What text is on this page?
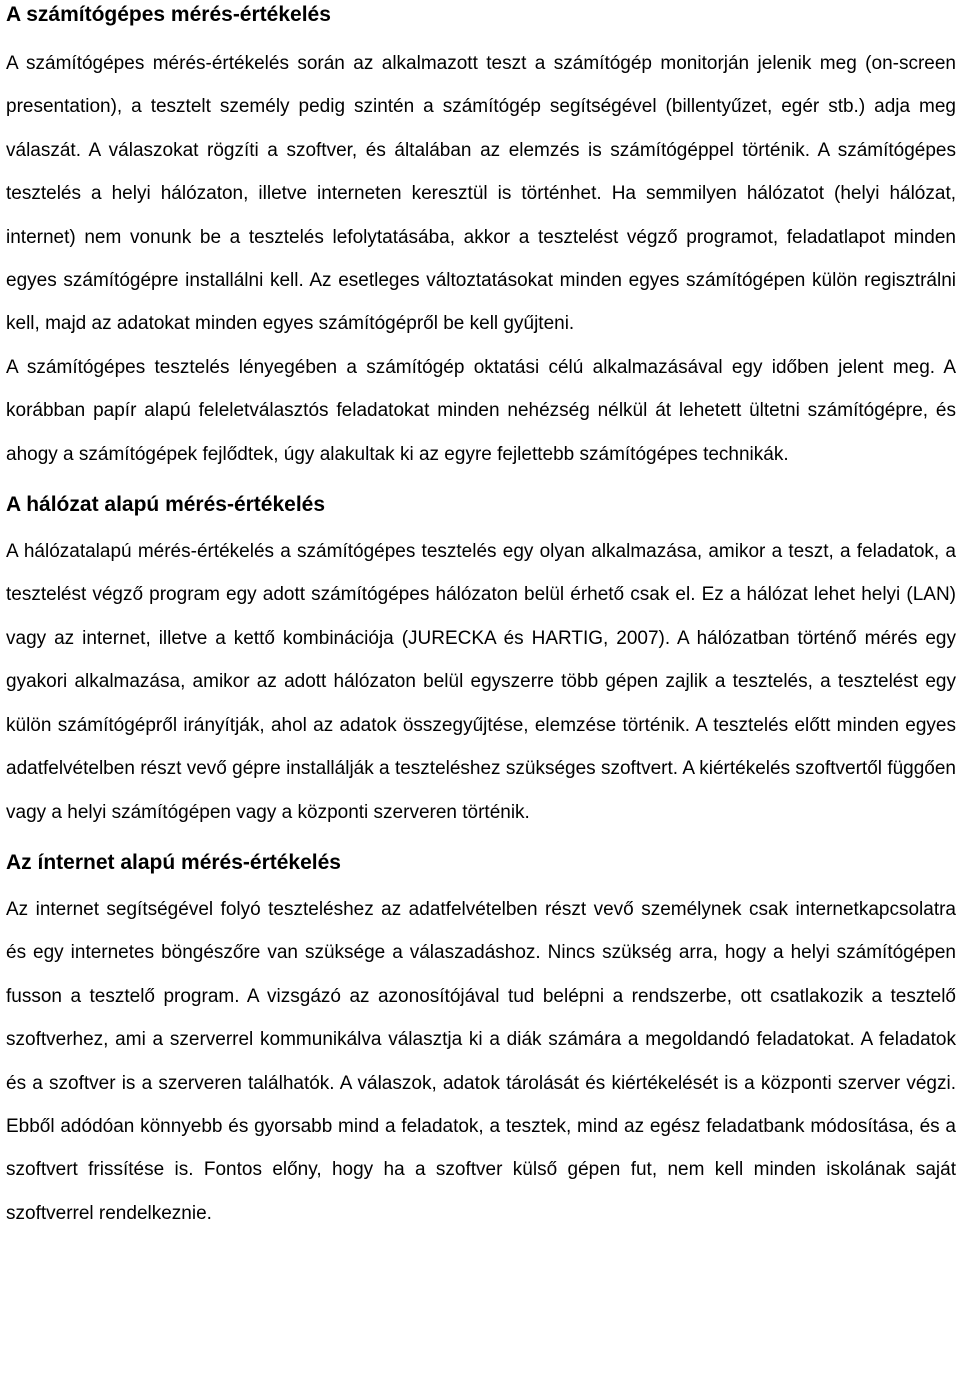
A számítógépes mérés-értékelés

A számítógépes mérés-értékelés során az alkalmazott teszt a számítógép monitorján jelenik meg (on-screen presentation), a tesztelt személy pedig szintén a számítógép segítségével (billentyűzet, egér stb.) adja meg válaszát. A válaszokat rögzíti a szoftver, és általában az elemzés is számítógéppel történik. A számítógépes tesztelés a helyi hálózaton, illetve interneten keresztül is történhet. Ha semmilyen hálózatot (helyi hálózat, internet) nem vonunk be a tesztelés lefolytatásába, akkor a tesztelést végző programot, feladatlapot minden egyes számítógépre installálni kell. Az esetleges változtatásokat minden egyes számítógépen külön regisztrálni kell, majd az adatokat minden egyes számítógépről be kell gyűjteni.

A számítógépes tesztelés lényegében a számítógép oktatási célú alkalmazásával egy időben jelent meg. A korábban papír alapú feleletválasztós feladatokat minden nehézség nélkül át lehetett ültetni számítógépre, és ahogy a számítógépek fejlődtek, úgy alakultak ki az egyre fejlettebb számítógépes technikák.

A hálózat alapú mérés-értékelés

A hálózatalapú mérés-értékelés a számítógépes tesztelés egy olyan alkalmazása, amikor a teszt, a feladatok, a tesztelést végző program egy adott számítógépes hálózaton belül érhető csak el. Ez a hálózat lehet helyi (LAN) vagy az internet, illetve a kettő kombinációja (JURECKA és HARTIG, 2007). A hálózatban történő mérés egy gyakori alkalmazása, amikor az adott hálózaton belül egyszerre több gépen zajlik a tesztelés, a tesztelést egy külön számítógépről irányítják, ahol az adatok összegyűjtése, elemzése történik. A tesztelés előtt minden egyes adatfelvételben részt vevő gépre installálják a teszteléshez szükséges szoftvert. A kiértékelés szoftvertől függően vagy a helyi számítógépen vagy a központi szerveren történik.

Az ínternet alapú mérés-értékelés

Az internet segítségével folyó teszteléshez az adatfelvételben részt vevő személynek csak internetkapcsolatra és egy internetes böngészőre van szüksége a válaszadáshoz. Nincs szükség arra, hogy a helyi számítógépen fusson a tesztelő program. A vizsgázó az azonosítójával tud belépni a rendszerbe, ott csatlakozik a tesztelő szoftverhez, ami a szerverrel kommunikálva választja ki a diák számára a megoldandó feladatokat. A feladatok és a szoftver is a szerveren találhatók. A válaszok, adatok tárolását és kiértékelését is a központi szerver végzi. Ebből adódóan könnyebb és gyorsabb mind a feladatok, a tesztek, mind az egész feladatbank módosítása, és a szoftvert frissítése is. Fontos előny, hogy ha a szoftver külső gépen fut, nem kell minden iskolának saját szoftverrel rendelkeznie.
